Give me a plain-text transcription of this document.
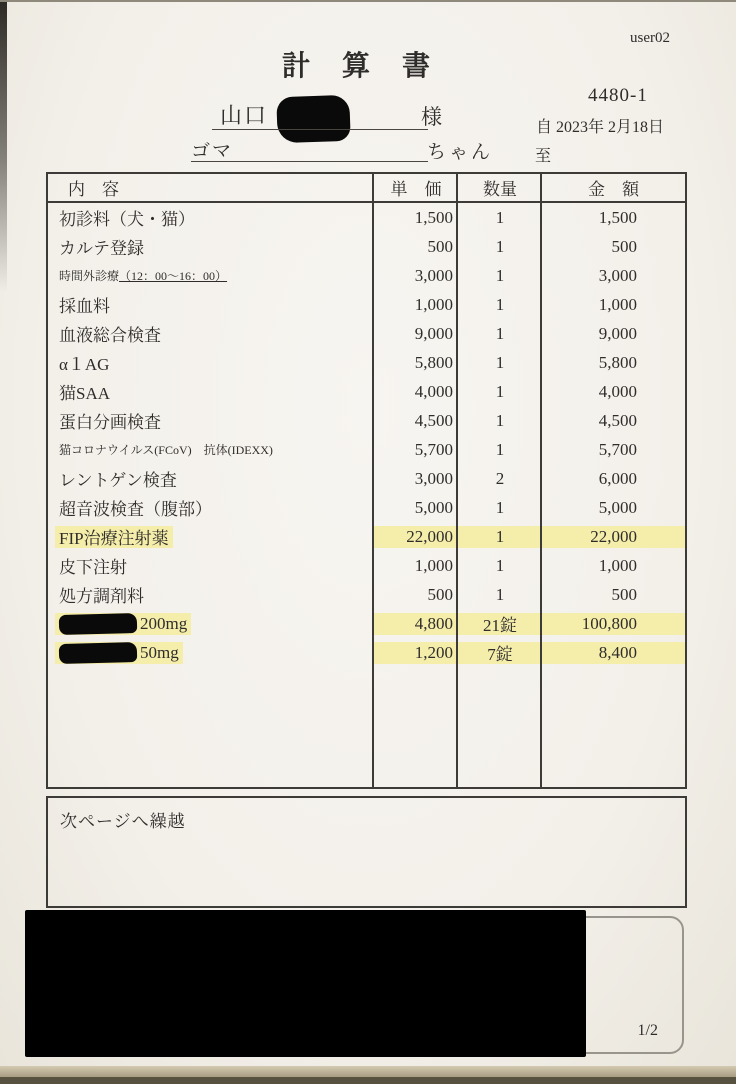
user02
計　算　書
4480-1
山口	様
ゴマ	ちゃん
自 2023年 2月18日
至
内　容	単　価	数量	金　額
初診料（犬・猫）	1,500	1	1,500
カルテ登録	500	1	500
時間外診療 （12：00～16：00）	3,000	1	3,000
採血料	1,000	1	1,000
血液総合検査	9,000	1	9,000
α１AG	5,800	1	5,800
猫SAA	4,000	1	4,000
蛋白分画検査	4,500	1	4,500
猫コロナウイルス(FCoV)　抗体(IDEXX)	5,700	1	5,700
レントゲン検査	3,000	2	6,000
超音波検査（腹部）	5,000	1	5,000
FIP治療注射薬	22,000	1	22,000
皮下注射	1,000	1	1,000
処方調剤料	500	1	500
200mg	4,800	21錠	100,800
50mg	1,200	7錠	8,400
次ページへ繰越
1/2
